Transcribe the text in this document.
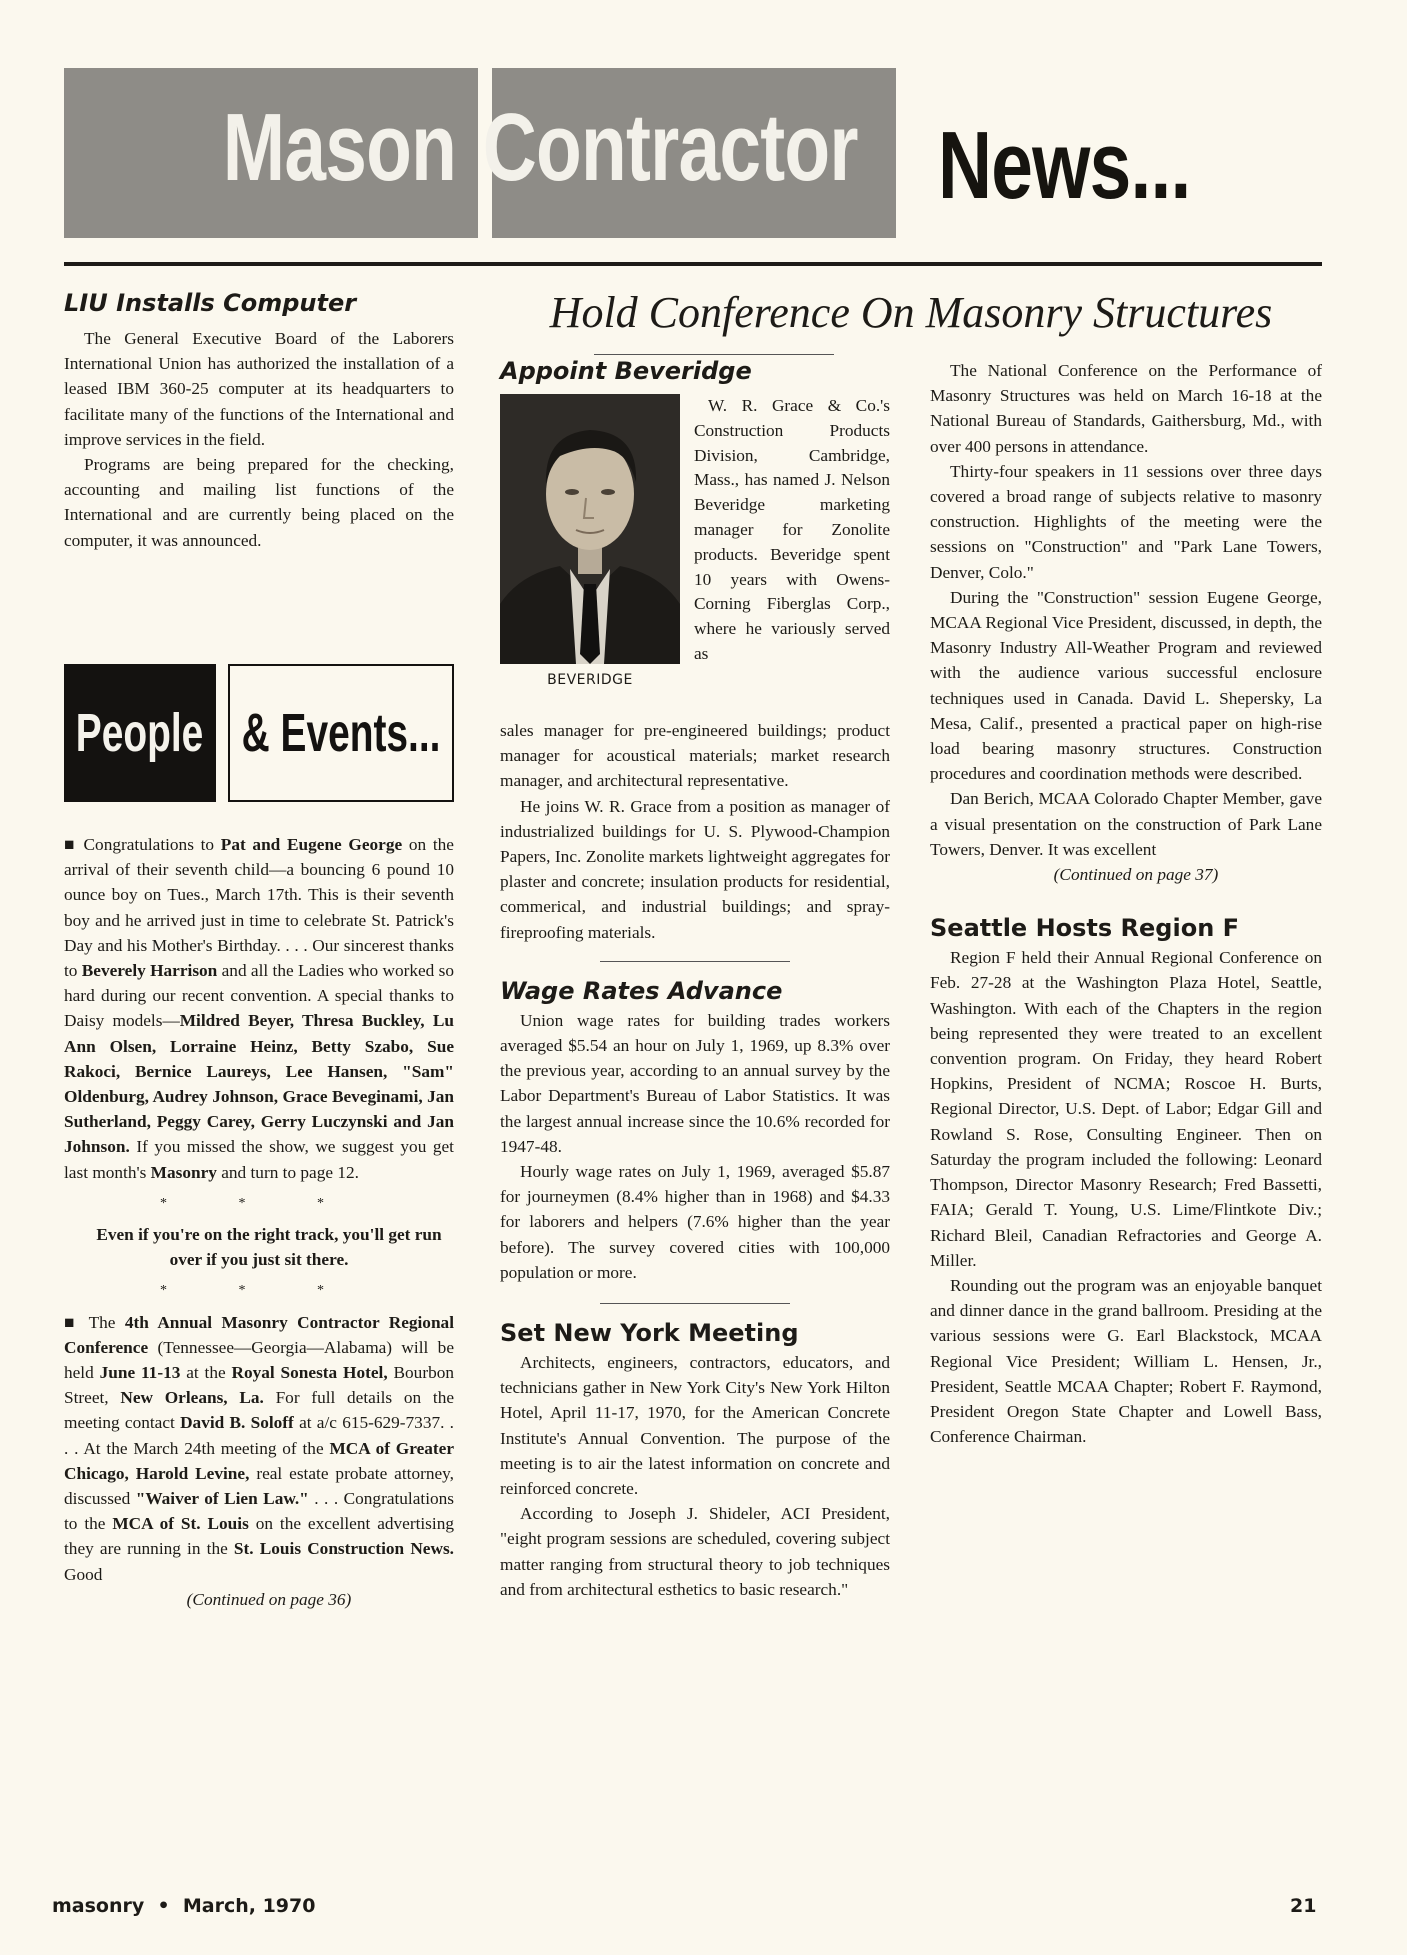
Mason Contractor News...
LIU Installs Computer

The General Executive Board of the Laborers International Union has authorized the installation of a leased IBM 360-25 computer at its headquarters to facilitate many of the functions of the International and improve services in the field.

Programs are being prepared for the checking, accounting and mailing list functions of the International and are currently being placed on the computer, it was announced.

People & Events...

■ Congratulations to Pat and Eugene George on the arrival of their seventh child—a bouncing 6 pound 10 ounce boy on Tues., March 17th. This is their seventh boy and he arrived just in time to celebrate St. Patrick's Day and his Mother's Birthday. . . . Our sincerest thanks to Beverely Harrison and all the Ladies who worked so hard during our recent convention. A special thanks to Daisy models—Mildred Beyer, Thresa Buckley, Lu Ann Olsen, Lorraine Heinz, Betty Szabo, Sue Rakoci, Bernice Laureys, Lee Hansen, "Sam" Oldenburg, Audrey Johnson, Grace Beveginami, Jan Sutherland, Peggy Carey, Gerry Luczynski and Jan Johnson. If you missed the show, we suggest you get last month's Masonry and turn to page 12.

* * *

Even if you're on the right track, you'll get run over if you just sit there.

* * *

■ The 4th Annual Masonry Contractor Regional Conference (Tennessee—Georgia—Alabama) will be held June 11-13 at the Royal Sonesta Hotel, Bourbon Street, New Orleans, La. For full details on the meeting contact David B. Soloff at a/c 615-629-7337. . . . At the March 24th meeting of the MCA of Greater Chicago, Harold Levine, real estate probate attorney, discussed "Waiver of Lien Law." . . . Congratulations to the MCA of St. Louis on the excellent advertising they are running in the St. Louis Construction News. Good

(Continued on page 36)

Hold Conference On Masonry Structures
BEVERIDGE
Appoint Beveridge

W. R. Grace & Co.'s Construction Products Division, Cambridge, Mass., has named J. Nelson Beveridge marketing manager for Zonolite products. Beveridge spent 10 years with Owens-Corning Fiberglas Corp., where he variously served as

sales manager for pre-engineered buildings; product manager for acoustical materials; market research manager, and architectural representative.

He joins W. R. Grace from a position as manager of industrialized buildings for U. S. Plywood-Champion Papers, Inc. Zonolite markets lightweight aggregates for plaster and concrete; insulation products for residential, commerical, and industrial buildings; and spray-fireproofing materials.

Wage Rates Advance

Union wage rates for building trades workers averaged $5.54 an hour on July 1, 1969, up 8.3% over the previous year, according to an annual survey by the Labor Department's Bureau of Labor Statistics. It was the largest annual increase since the 10.6% recorded for 1947-48.

Hourly wage rates on July 1, 1969, averaged $5.87 for journeymen (8.4% higher than in 1968) and $4.33 for laborers and helpers (7.6% higher than the year before). The survey covered cities with 100,000 population or more.

Set New York Meeting

Architects, engineers, contractors, educators, and technicians gather in New York City's New York Hilton Hotel, April 11-17, 1970, for the American Concrete Institute's Annual Convention. The purpose of the meeting is to air the latest information on concrete and reinforced concrete.

According to Joseph J. Shideler, ACI President, "eight program sessions are scheduled, covering subject matter ranging from structural theory to job techniques and from architectural esthetics to basic research."

The National Conference on the Performance of Masonry Structures was held on March 16-18 at the National Bureau of Standards, Gaithersburg, Md., with over 400 persons in attendance.

Thirty-four speakers in 11 sessions over three days covered a broad range of subjects relative to masonry construction. Highlights of the meeting were the sessions on "Construction" and "Park Lane Towers, Denver, Colo."

During the "Construction" session Eugene George, MCAA Regional Vice President, discussed, in depth, the Masonry Industry All-Weather Program and reviewed with the audience various successful enclosure techniques used in Canada. David L. Shepersky, La Mesa, Calif., presented a practical paper on high-rise load bearing masonry structures. Construction procedures and coordination methods were described.

Dan Berich, MCAA Colorado Chapter Member, gave a visual presentation on the construction of Park Lane Towers, Denver. It was excellent

(Continued on page 37)

Seattle Hosts Region F

Region F held their Annual Regional Conference on Feb. 27-28 at the Washington Plaza Hotel, Seattle, Washington. With each of the Chapters in the region being represented they were treated to an excellent convention program. On Friday, they heard Robert Hopkins, President of NCMA; Roscoe H. Burts, Regional Director, U.S. Dept. of Labor; Edgar Gill and Rowland S. Rose, Consulting Engineer. Then on Saturday the program included the following: Leonard Thompson, Director Masonry Research; Fred Bassetti, FAIA; Gerald T. Young, U.S. Lime/Flintkote Div.; Richard Bleil, Canadian Refractories and George A. Miller.

Rounding out the program was an enjoyable banquet and dinner dance in the grand ballroom. Presiding at the various sessions were G. Earl Blackstock, MCAA Regional Vice President; William L. Hensen, Jr., President, Seattle MCAA Chapter; Robert F. Raymond, President Oregon State Chapter and Lowell Bass, Conference Chairman.

masonry  •  March, 1970	21
